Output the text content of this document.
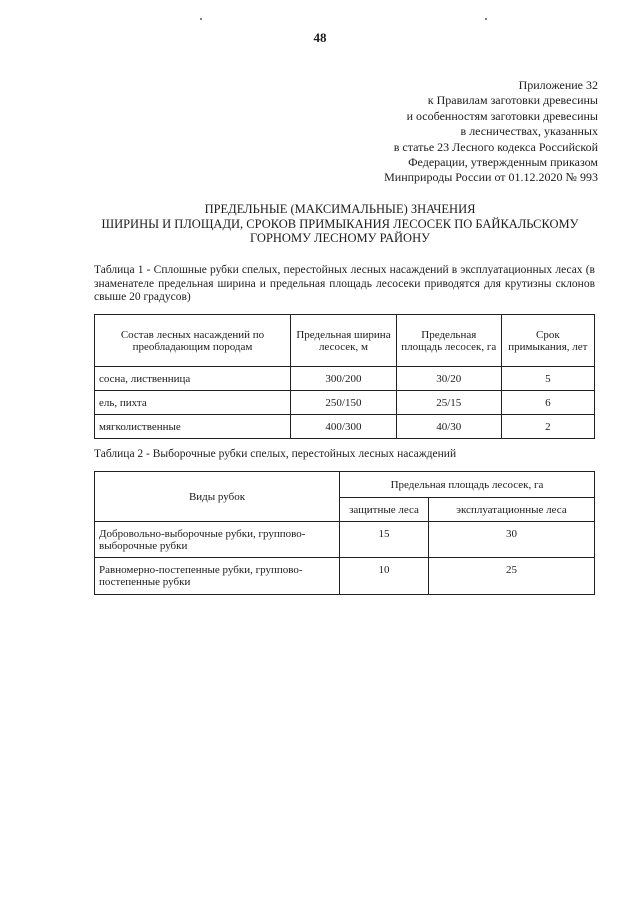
48
Приложение 32
к Правилам заготовки древесины
и особенностям заготовки древесины
в лесничествах, указанных
в статье 23 Лесного кодекса Российской
Федерации, утвержденным приказом
Минприроды России от 01.12.2020 № 993
ПРЕДЕЛЬНЫЕ (МАКСИМАЛЬНЫЕ) ЗНАЧЕНИЯ
ШИРИНЫ И ПЛОЩАДИ, СРОКОВ ПРИМЫКАНИЯ ЛЕСОСЕК ПО БАЙКАЛЬСКОМУ
ГОРНОМУ ЛЕСНОМУ РАЙОНУ
Таблица 1 - Сплошные рубки спелых, перестойных лесных насаждений в эксплуатационных лесах (в знаменателе предельная ширина и предельная площадь лесосеки приводятся для крутизны склонов свыше 20 градусов)
Состав лесных насаждений по преобладающим породам	Предельная ширина лесосек, м	Предельная площадь лесосек, га	Срок примыкания, лет
сосна, лиственница	300/200	30/20	5
ель, пихта	250/150	25/15	6
мягколиственные	400/300	40/30	2
Таблица 2 - Выборочные рубки спелых, перестойных лесных насаждений
Виды рубок	Предельная площадь лесосек, га	
	защитные леса	эксплуатационные леса
Добровольно-выборочные рубки, группово-выборочные рубки	15	30
Равномерно-постепенные рубки, группово-постепенные рубки	10	25
